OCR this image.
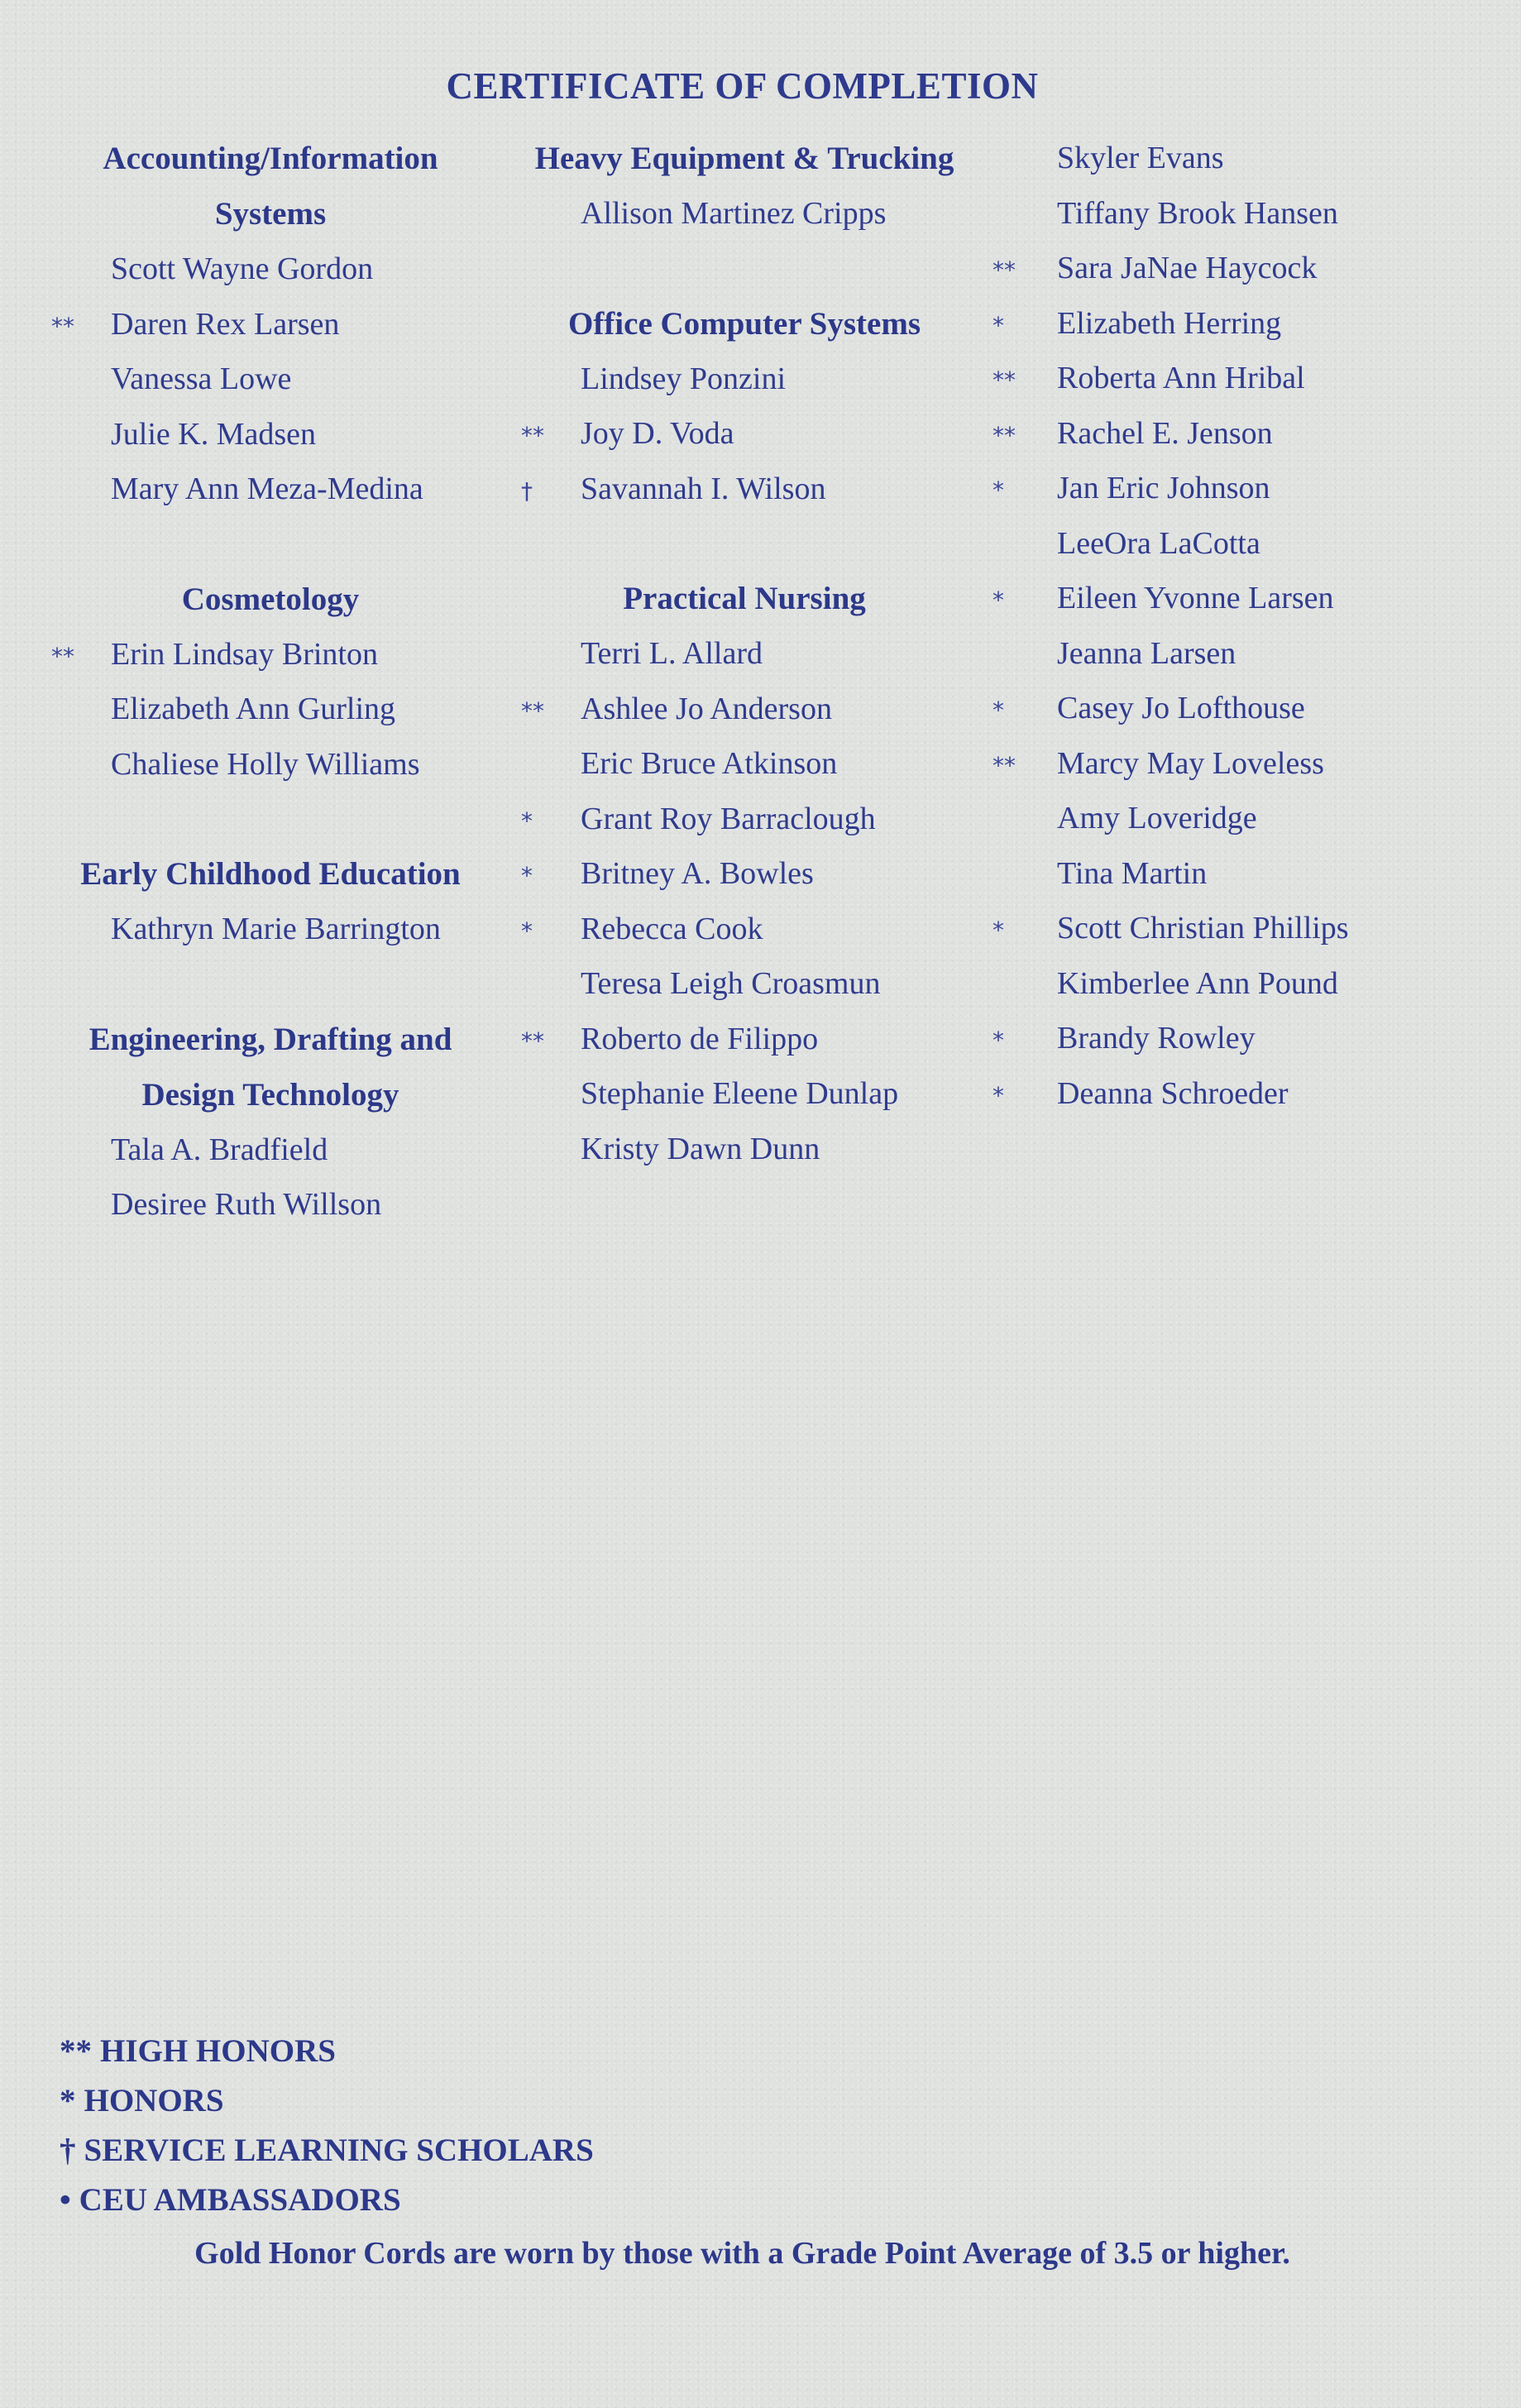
CERTIFICATE OF COMPLETION
Accounting/Information Systems
Scott Wayne Gordon
**	Daren Rex Larsen
Vanessa Lowe
Julie K. Madsen
Mary Ann Meza-Medina
Cosmetology
**	Erin Lindsay Brinton
Elizabeth Ann Gurling
Chaliese Holly Williams
Early Childhood Education
Kathryn Marie Barrington
Engineering, Drafting and Design Technology
Tala A. Bradfield
Desiree Ruth Willson
Heavy Equipment & Trucking
Allison Martinez Cripps
Office Computer Systems
Lindsey Ponzini
**	Joy D. Voda
†	Savannah I. Wilson
Practical Nursing
Terri L. Allard
**	Ashlee Jo Anderson
Eric Bruce Atkinson
*	Grant Roy Barraclough
*	Britney A. Bowles
*	Rebecca Cook
Teresa Leigh Croasmun
**	Roberto de Filippo
Stephanie Eleene Dunlap
Kristy Dawn Dunn
Skyler Evans
Tiffany Brook Hansen
**	Sara JaNae Haycock
*	Elizabeth Herring
**	Roberta Ann Hribal
**	Rachel E. Jenson
*	Jan Eric Johnson
LeeOra LaCotta
*	Eileen Yvonne Larsen
Jeanna Larsen
*	Casey Jo Lofthouse
**	Marcy May Loveless
Amy Loveridge
Tina Martin
*	Scott Christian Phillips
Kimberlee Ann Pound
*	Brandy Rowley
*	Deanna Schroeder
** HIGH HONORS
* HONORS
† SERVICE LEARNING SCHOLARS
• CEU AMBASSADORS
Gold Honor Cords are worn by those with a Grade Point Average of 3.5 or higher.
